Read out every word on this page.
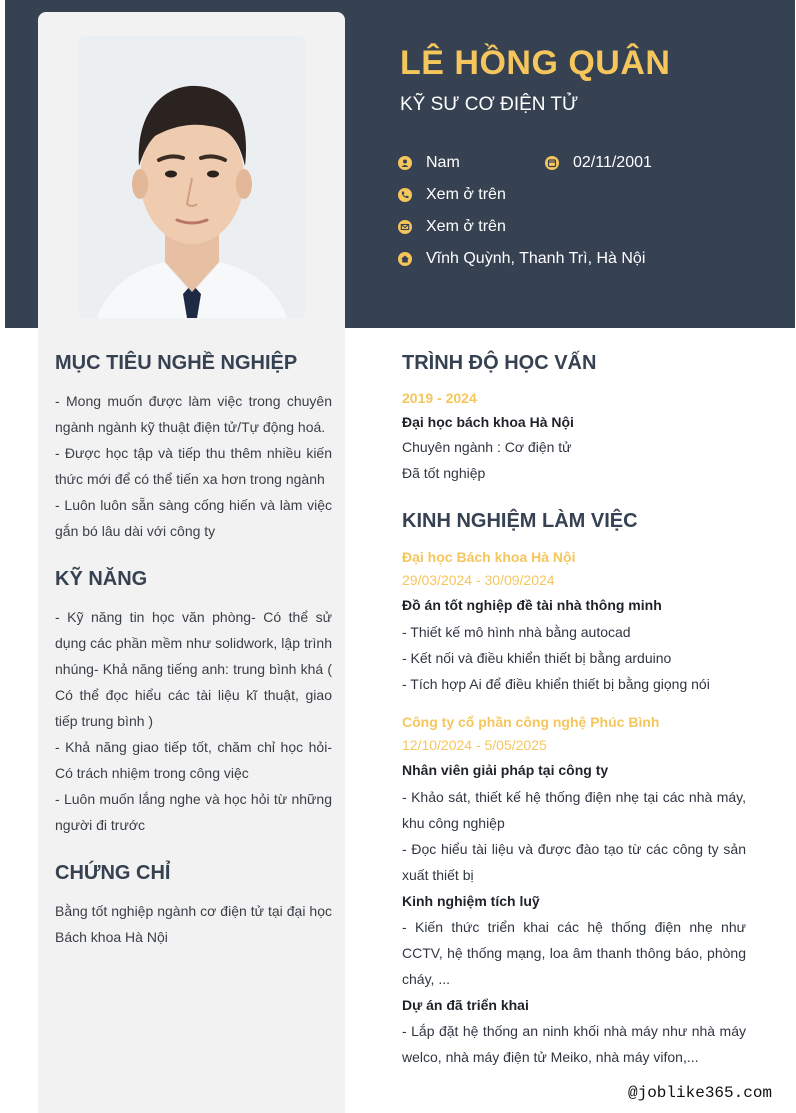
LÊ HỒNG QUÂN
KỸ SƯ CƠ ĐIỆN TỬ
Nam	02/11/2001
Xem ở trên
Xem ở trên
Vĩnh Quỳnh, Thanh Trì, Hà Nội
MỤC TIÊU NGHỀ NGHIỆP

- Mong muốn được làm việc trong chuyên ngành ngành kỹ thuật điện tử/Tự động hoá.

- Được học tập và tiếp thu thêm nhiều kiến thức mới để có thể tiến xa hơn trong ngành

- Luôn luôn sẵn sàng cống hiến và làm việc gắn bó lâu dài với công ty

KỸ NĂNG

- Kỹ năng tin học văn phòng- Có thể sử dụng các phần mềm như solidwork, lập trình nhúng- Khả năng tiếng anh: trung bình khá ( Có thể đọc hiểu các tài liệu kĩ thuật, giao tiếp trung bình )

- Khả năng giao tiếp tốt, chăm chỉ học hỏi- Có trách nhiệm trong công việc

- Luôn muốn lắng nghe và học hỏi từ những người đi trước

CHỨNG CHỈ

Bằng tốt nghiệp ngành cơ điện tử tại đại học Bách khoa Hà Nội

TRÌNH ĐỘ HỌC VẤN
2019 - 2024
Đại học bách khoa Hà Nội
Chuyên ngành : Cơ điện tử
Đã tốt nghiệp
KINH NGHIỆM LÀM VIỆC
Đại học Bách khoa Hà Nội
29/03/2024 - 30/09/2024
Đồ án tốt nghiệp đề tài nhà thông minh

- Thiết kế mô hình nhà bằng autocad

- Kết nối và điều khiển thiết bị bằng arduino

- Tích hợp Ai để điều khiển thiết bị bằng giọng nói

Công ty cổ phần công nghệ Phúc Bình
12/10/2024 - 5/05/2025
Nhân viên giải pháp tại công ty

- Khảo sát, thiết kế hệ thống điện nhẹ tại các nhà máy, khu công nghiệp

- Đọc hiểu tài liệu và được đào tạo từ các công ty sản xuất thiết bị

Kinh nghiệm tích luỹ

- Kiến thức triển khai các hệ thống điện nhẹ như CCTV, hệ thống mạng, loa âm thanh thông báo, phòng cháy, ...

Dự án đã triển khai

- Lắp đặt hệ thống an ninh khối nhà máy như nhà máy welco, nhà máy điện tử Meiko, nhà máy vifon,...

@joblike365.com
